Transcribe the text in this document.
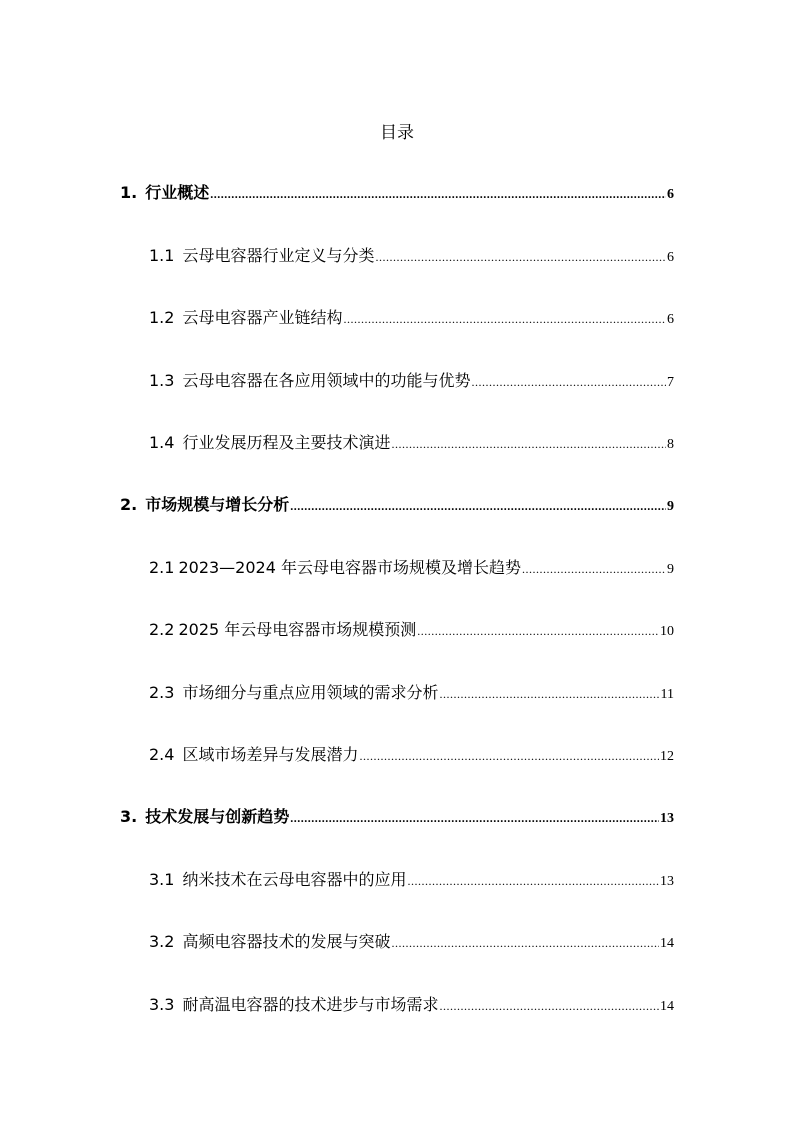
目录
1. 行业概述 .....	6
1.1 云母电容器行业定义与分类 .....	6
1.2 云母电容器产业链结构 .....	6
1.3 云母电容器在各应用领域中的功能与优势 .....	7
1.4 行业发展历程及主要技术演进 .....	8
2. 市场规模与增长分析 .....	9
2.1 2023—2024 年云母电容器市场规模及增长趋势 .....	9
2.2 2025 年云母电容器市场规模预测 .....	10
2.3 市场细分与重点应用领域的需求分析 .....	11
2.4 区域市场差异与发展潜力 .....	12
3. 技术发展与创新趋势 .....	13
3.1 纳米技术在云母电容器中的应用 .....	13
3.2 高频电容器技术的发展与突破 .....	14
3.3 耐高温电容器的技术进步与市场需求 .....	14
